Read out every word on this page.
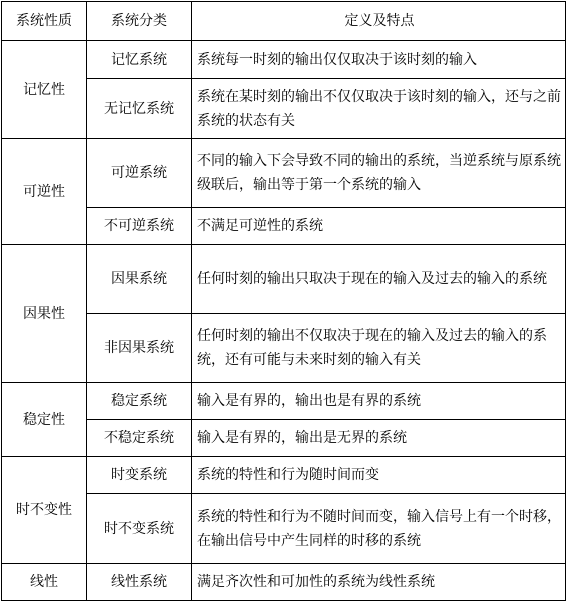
系统性质	系统分类	定义及特点
记忆性	记忆系统	系统每一时刻的输出仅仅取决于该时刻的输入
	无记忆系统	系统在某时刻的输出不仅仅取决于该时刻的输入，还与之前系统的状态有关
可逆性	可逆系统	不同的输入下会导致不同的输出的系统，当逆系统与原系统级联后，输出等于第一个系统的输入
	不可逆系统	不满足可逆性的系统
因果性	因果系统	任何时刻的输出只取决于现在的输入及过去的输入的系统
	非因果系统	任何时刻的输出不仅取决于现在的输入及过去的输入的系统，还有可能与未来时刻的输入有关
稳定性	稳定系统	输入是有界的，输出也是有界的系统
	不稳定系统	输入是有界的，输出是无界的系统
时不变性	时变系统	系统的特性和行为随时间而变
	时不变系统	系统的特性和行为不随时间而变，输入信号上有一个时移，在输出信号中产生同样的时移的系统
线性	线性系统	满足齐次性和可加性的系统为线性系统
